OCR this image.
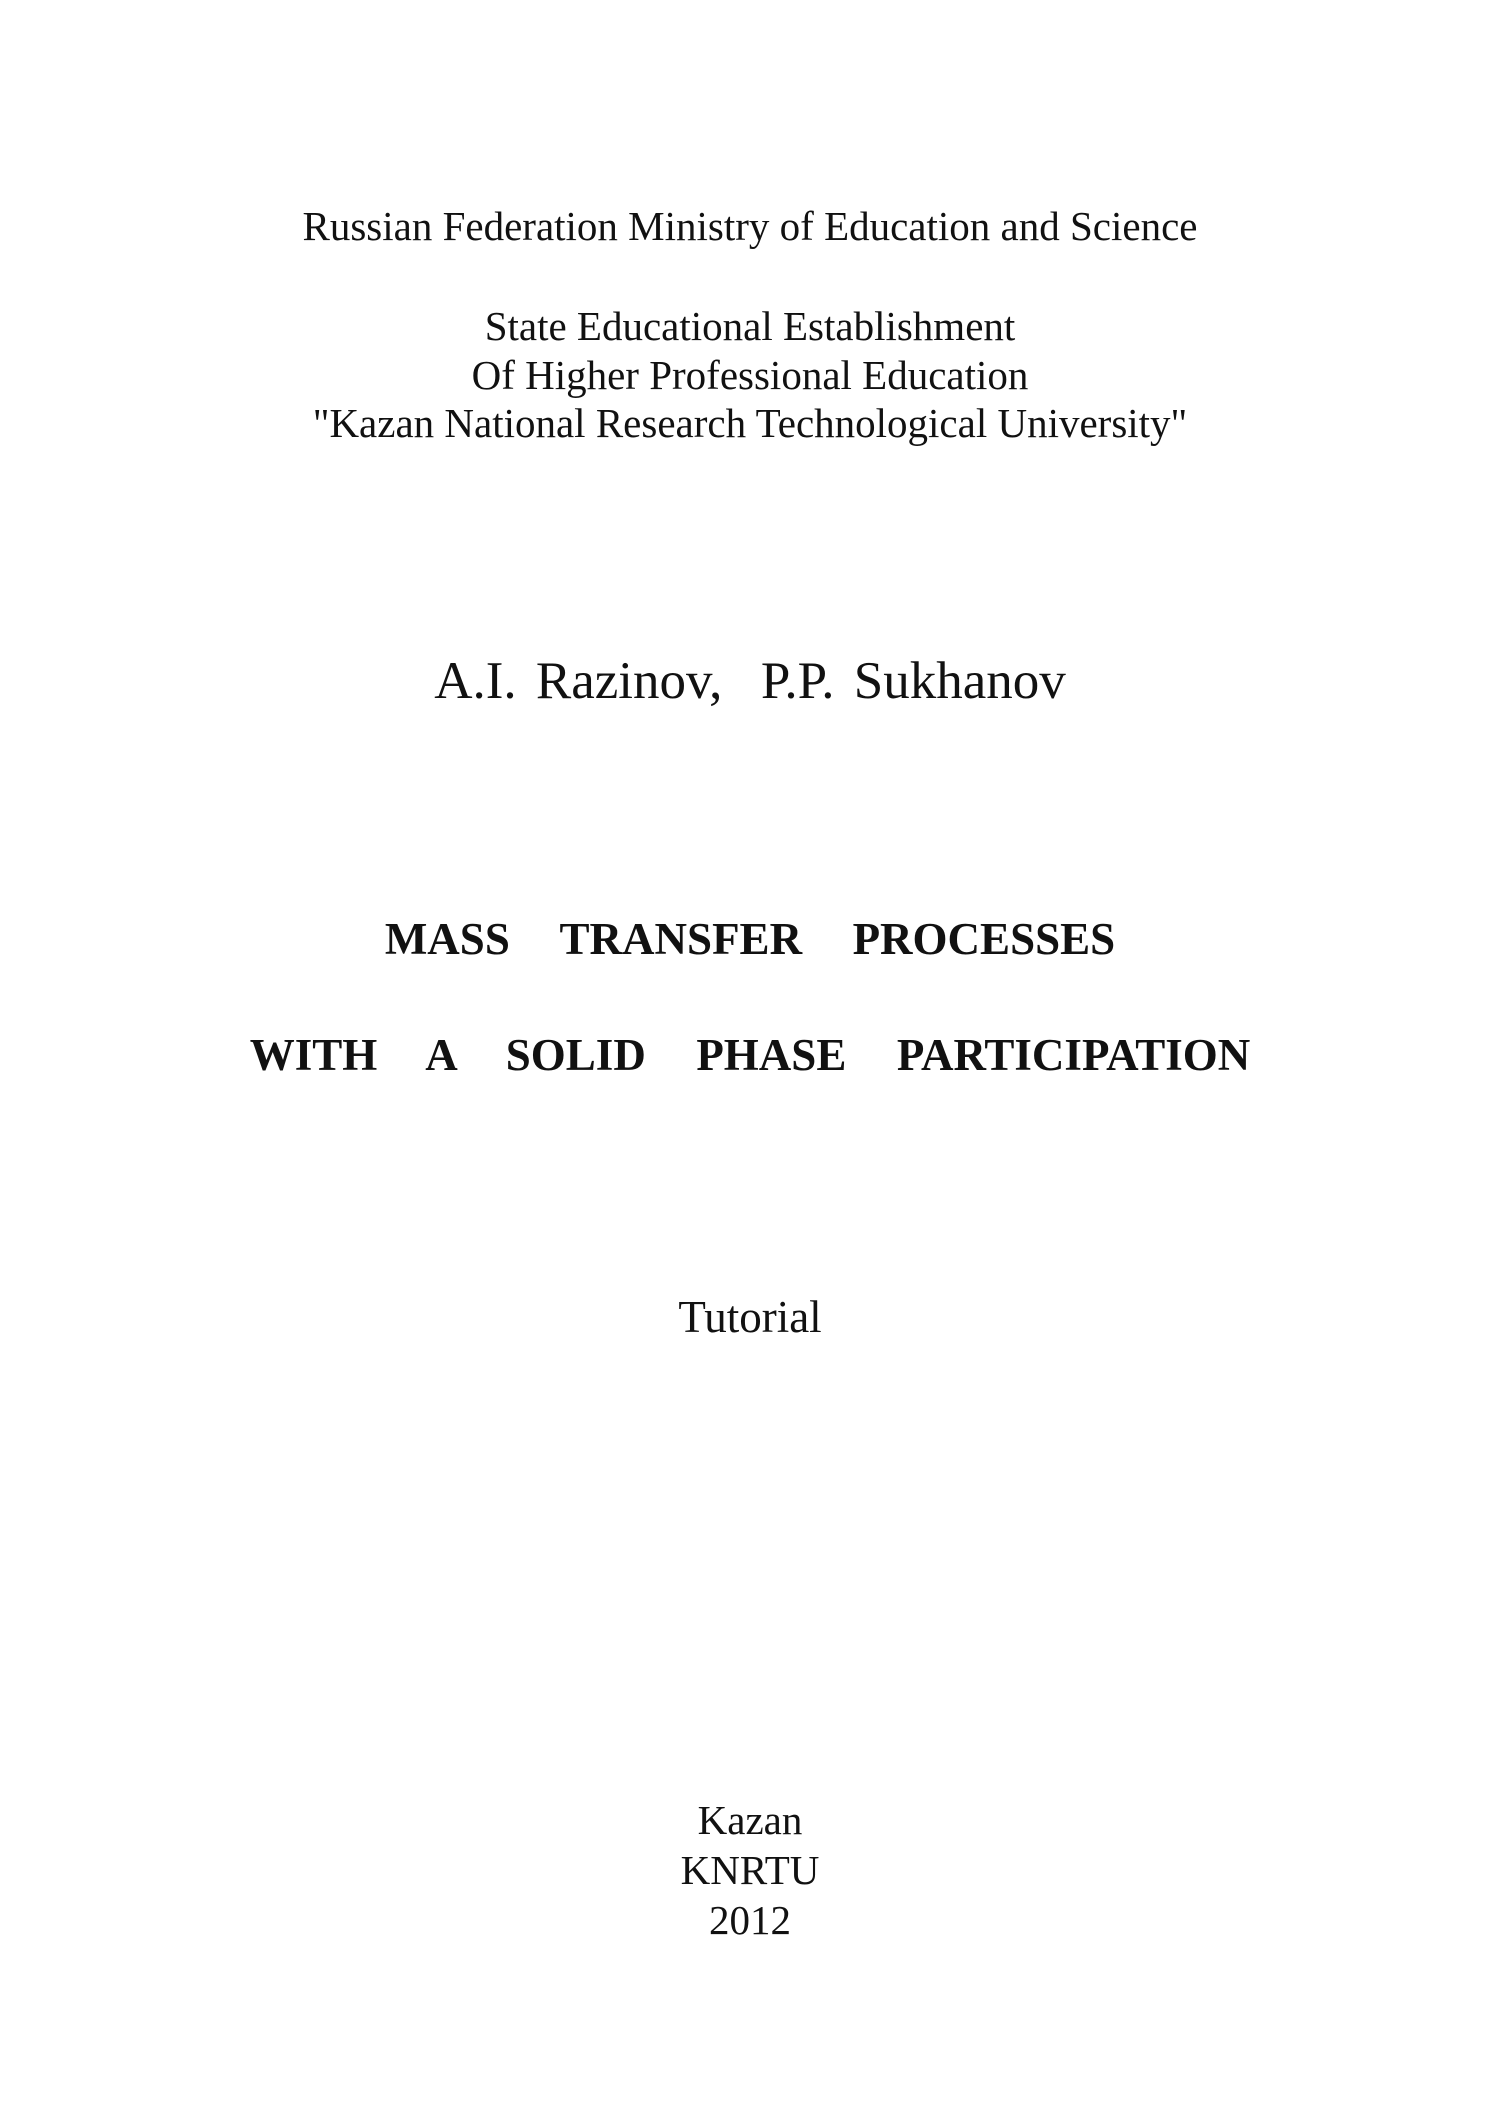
Russian Federation Ministry of Education and Science
State Educational Establishment
Of Higher Professional Education
"Kazan National Research Technological University"
A.I. Razinov,  P.P. Sukhanov
MASS  TRANSFER  PROCESSES
WITH  A  SOLID  PHASE  PARTICIPATION
Tutorial
Kazan
KNRTU
2012
